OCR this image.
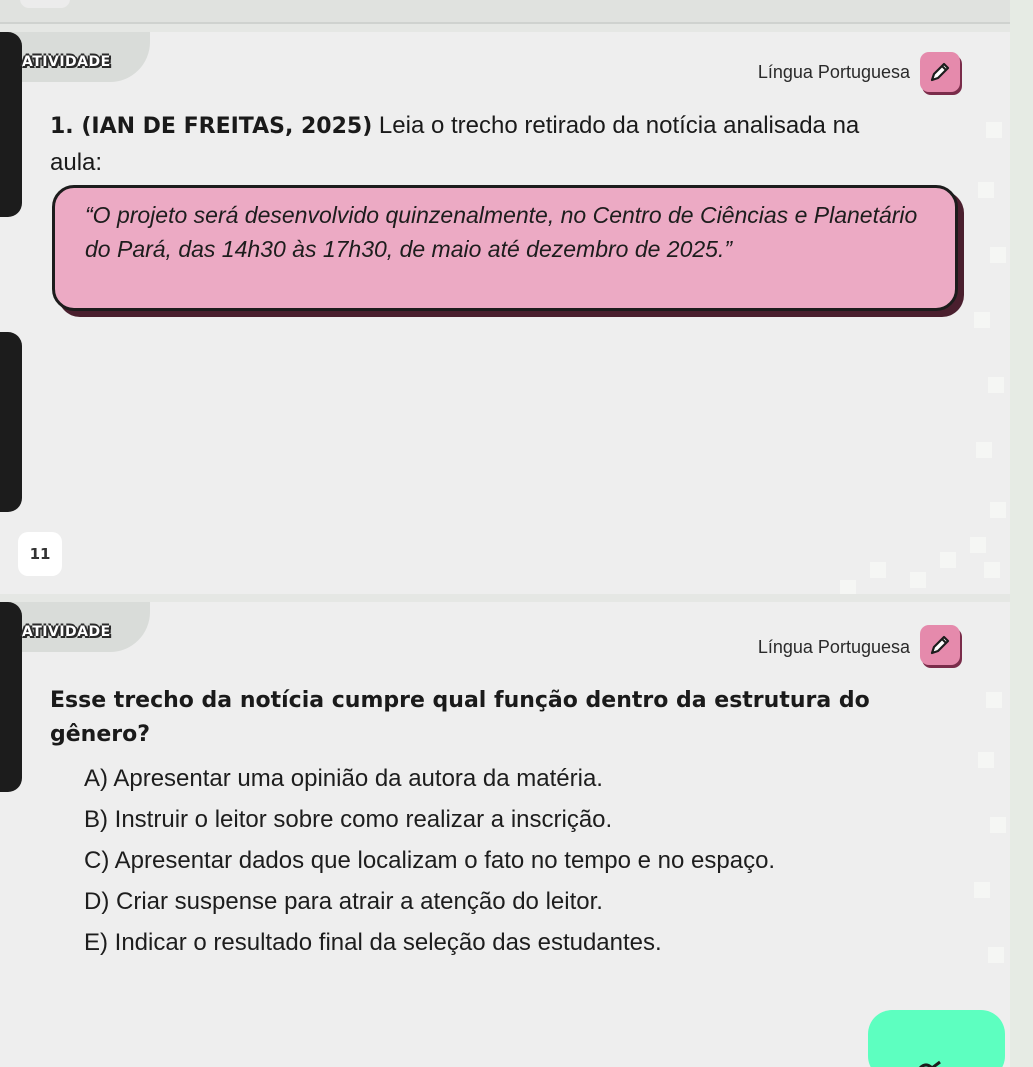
ATIVIDADE	Língua Portuguesa
1. (IAN DE FREITAS, 2025) Leia o trecho retirado da notícia analisada na aula:
“O projeto será desenvolvido quinzenalmente, no Centro de Ciências e Planetário do Pará, das 14h30 às 17h30, de maio até dezembro de 2025.”
11
ATIVIDADE
Língua Portuguesa
Esse trecho da notícia cumpre qual função dentro da estrutura do gênero?
A) Apresentar uma opinião da autora da matéria.
B) Instruir o leitor sobre como realizar a inscrição.
C) Apresentar dados que localizam o fato no tempo e no espaço.
D) Criar suspense para atrair a atenção do leitor.
E) Indicar o resultado final da seleção das estudantes.
